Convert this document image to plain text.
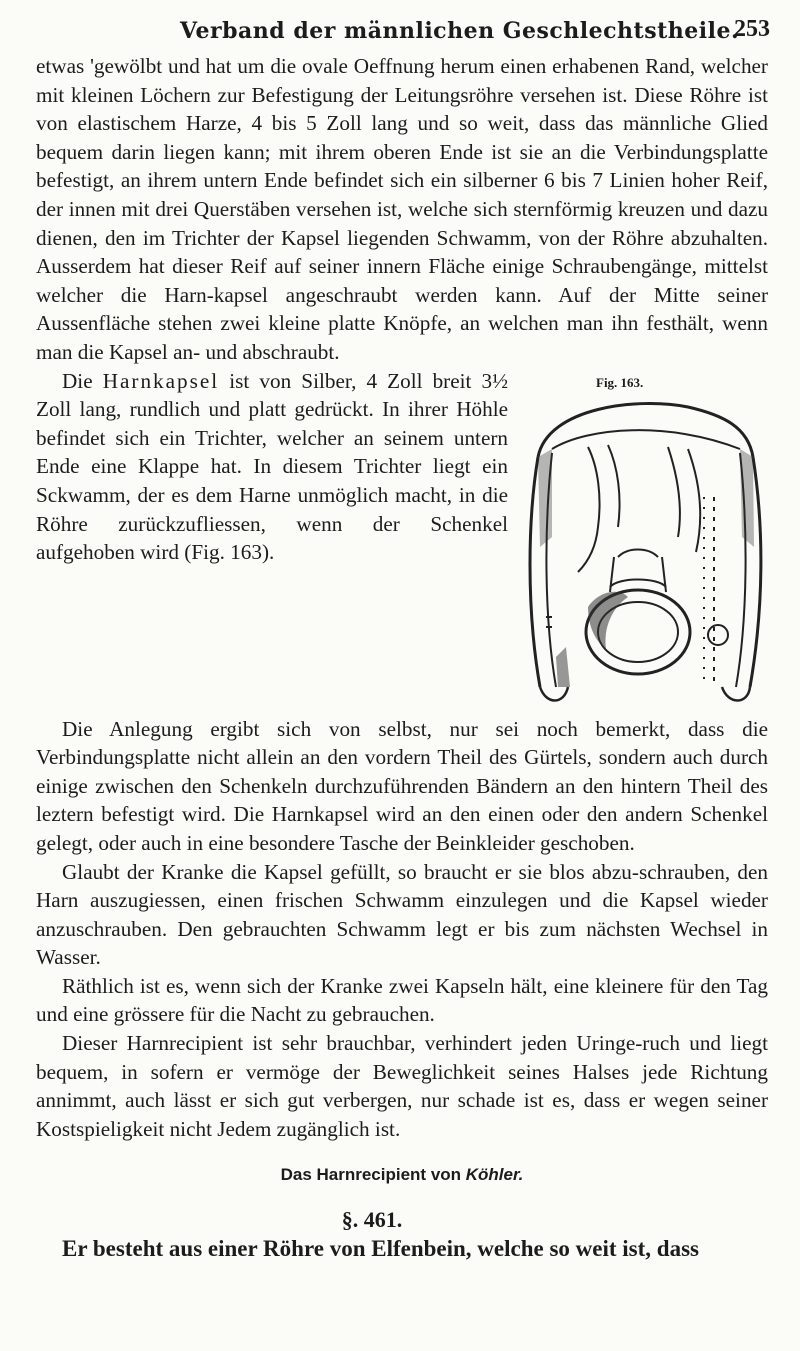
Verband der männlichen Geschlechtstheile.
253

etwas 'gewölbt und hat um die ovale Oeffnung herum einen erhabenen Rand, welcher mit kleinen Löchern zur Befestigung der Leitungsröhre versehen ist. Diese Röhre ist von elastischem Harze, 4 bis 5 Zoll lang und so weit, dass das männliche Glied bequem darin liegen kann; mit ihrem oberen Ende ist sie an die Verbindungsplatte befestigt, an ihrem untern Ende befindet sich ein silberner 6 bis 7 Linien hoher Reif, der innen mit drei Querstäben versehen ist, welche sich sternförmig kreuzen und dazu dienen, den im Trichter der Kapsel liegenden Schwamm, von der Röhre abzuhalten. Ausserdem hat dieser Reif auf seiner innern Fläche einige Schraubengänge, mittelst welcher die Harn-kapsel angeschraubt werden kann. Auf der Mitte seiner Aussenfläche stehen zwei kleine platte Knöpfe, an welchen man ihn festhält, wenn man die Kapsel an- und abschraubt.

Fig. 163.

Die Harnkapsel ist von Silber, 4 Zoll breit 3½ Zoll lang, rundlich und platt gedrückt. In ihrer Höhle befindet sich ein Trichter, welcher an seinem untern Ende eine Klappe hat. In diesem Trichter liegt ein Sckwamm, der es dem Harne unmöglich macht, in die Röhre zurückzufliessen, wenn der Schenkel aufgehoben wird (Fig. 163).

Die Anlegung ergibt sich von selbst, nur sei noch bemerkt, dass die Verbindungsplatte nicht allein an den vordern Theil des Gürtels, sondern auch durch einige zwischen den Schenkeln durchzuführenden Bändern an den hintern Theil des leztern befestigt wird. Die Harnkapsel wird an den einen oder den andern Schenkel gelegt, oder auch in eine besondere Tasche der Beinkleider geschoben.

Glaubt der Kranke die Kapsel gefüllt, so braucht er sie blos abzu-schrauben, den Harn auszugiessen, einen frischen Schwamm einzulegen und die Kapsel wieder anzuschrauben. Den gebrauchten Schwamm legt er bis zum nächsten Wechsel in Wasser.

Räthlich ist es, wenn sich der Kranke zwei Kapseln hält, eine kleinere für den Tag und eine grössere für die Nacht zu gebrauchen.

Dieser Harnrecipient ist sehr brauchbar, verhindert jeden Uringe-ruch und liegt bequem, in sofern er vermöge der Beweglichkeit seines Halses jede Richtung annimmt, auch lässt er sich gut verbergen, nur schade ist es, dass er wegen seiner Kostspieligkeit nicht Jedem zugänglich ist.

Das Harnrecipient von Köhler.
§. 461.

Er besteht aus einer Röhre von Elfenbein, welche so weit ist, dass
